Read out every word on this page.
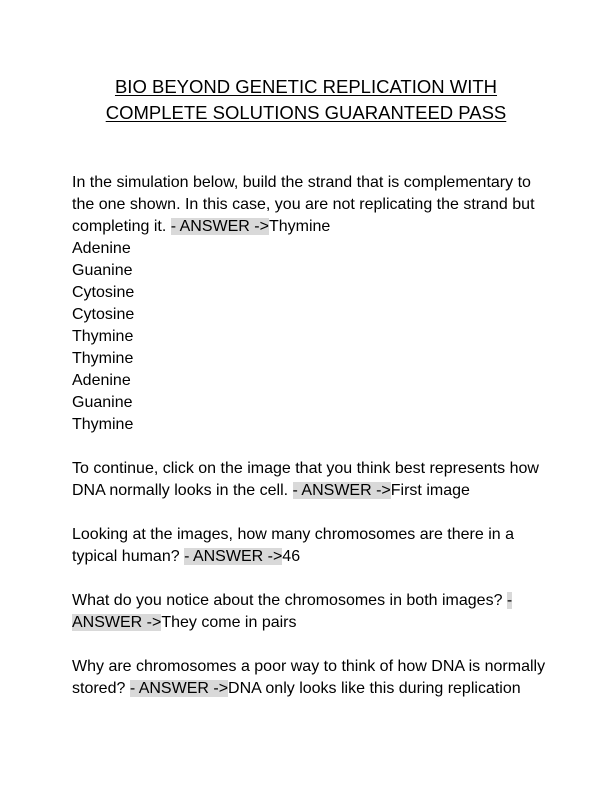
BIO BEYOND GENETIC REPLICATION WITH
COMPLETE SOLUTIONS GUARANTEED PASS
In the simulation below, build the strand that is complementary to the one shown. In this case, you are not replicating the strand but completing it. - ANSWER ->Thymine
Adenine
Guanine
Cytosine
Cytosine
Thymine
Thymine
Adenine
Guanine
Thymine
To continue, click on the image that you think best represents how DNA normally looks in the cell. - ANSWER ->First image
Looking at the images, how many chromosomes are there in a typical human? - ANSWER ->46
What do you notice about the chromosomes in both images? - ANSWER ->They come in pairs
Why are chromosomes a poor way to think of how DNA is normally stored? - ANSWER ->DNA only looks like this during replication
